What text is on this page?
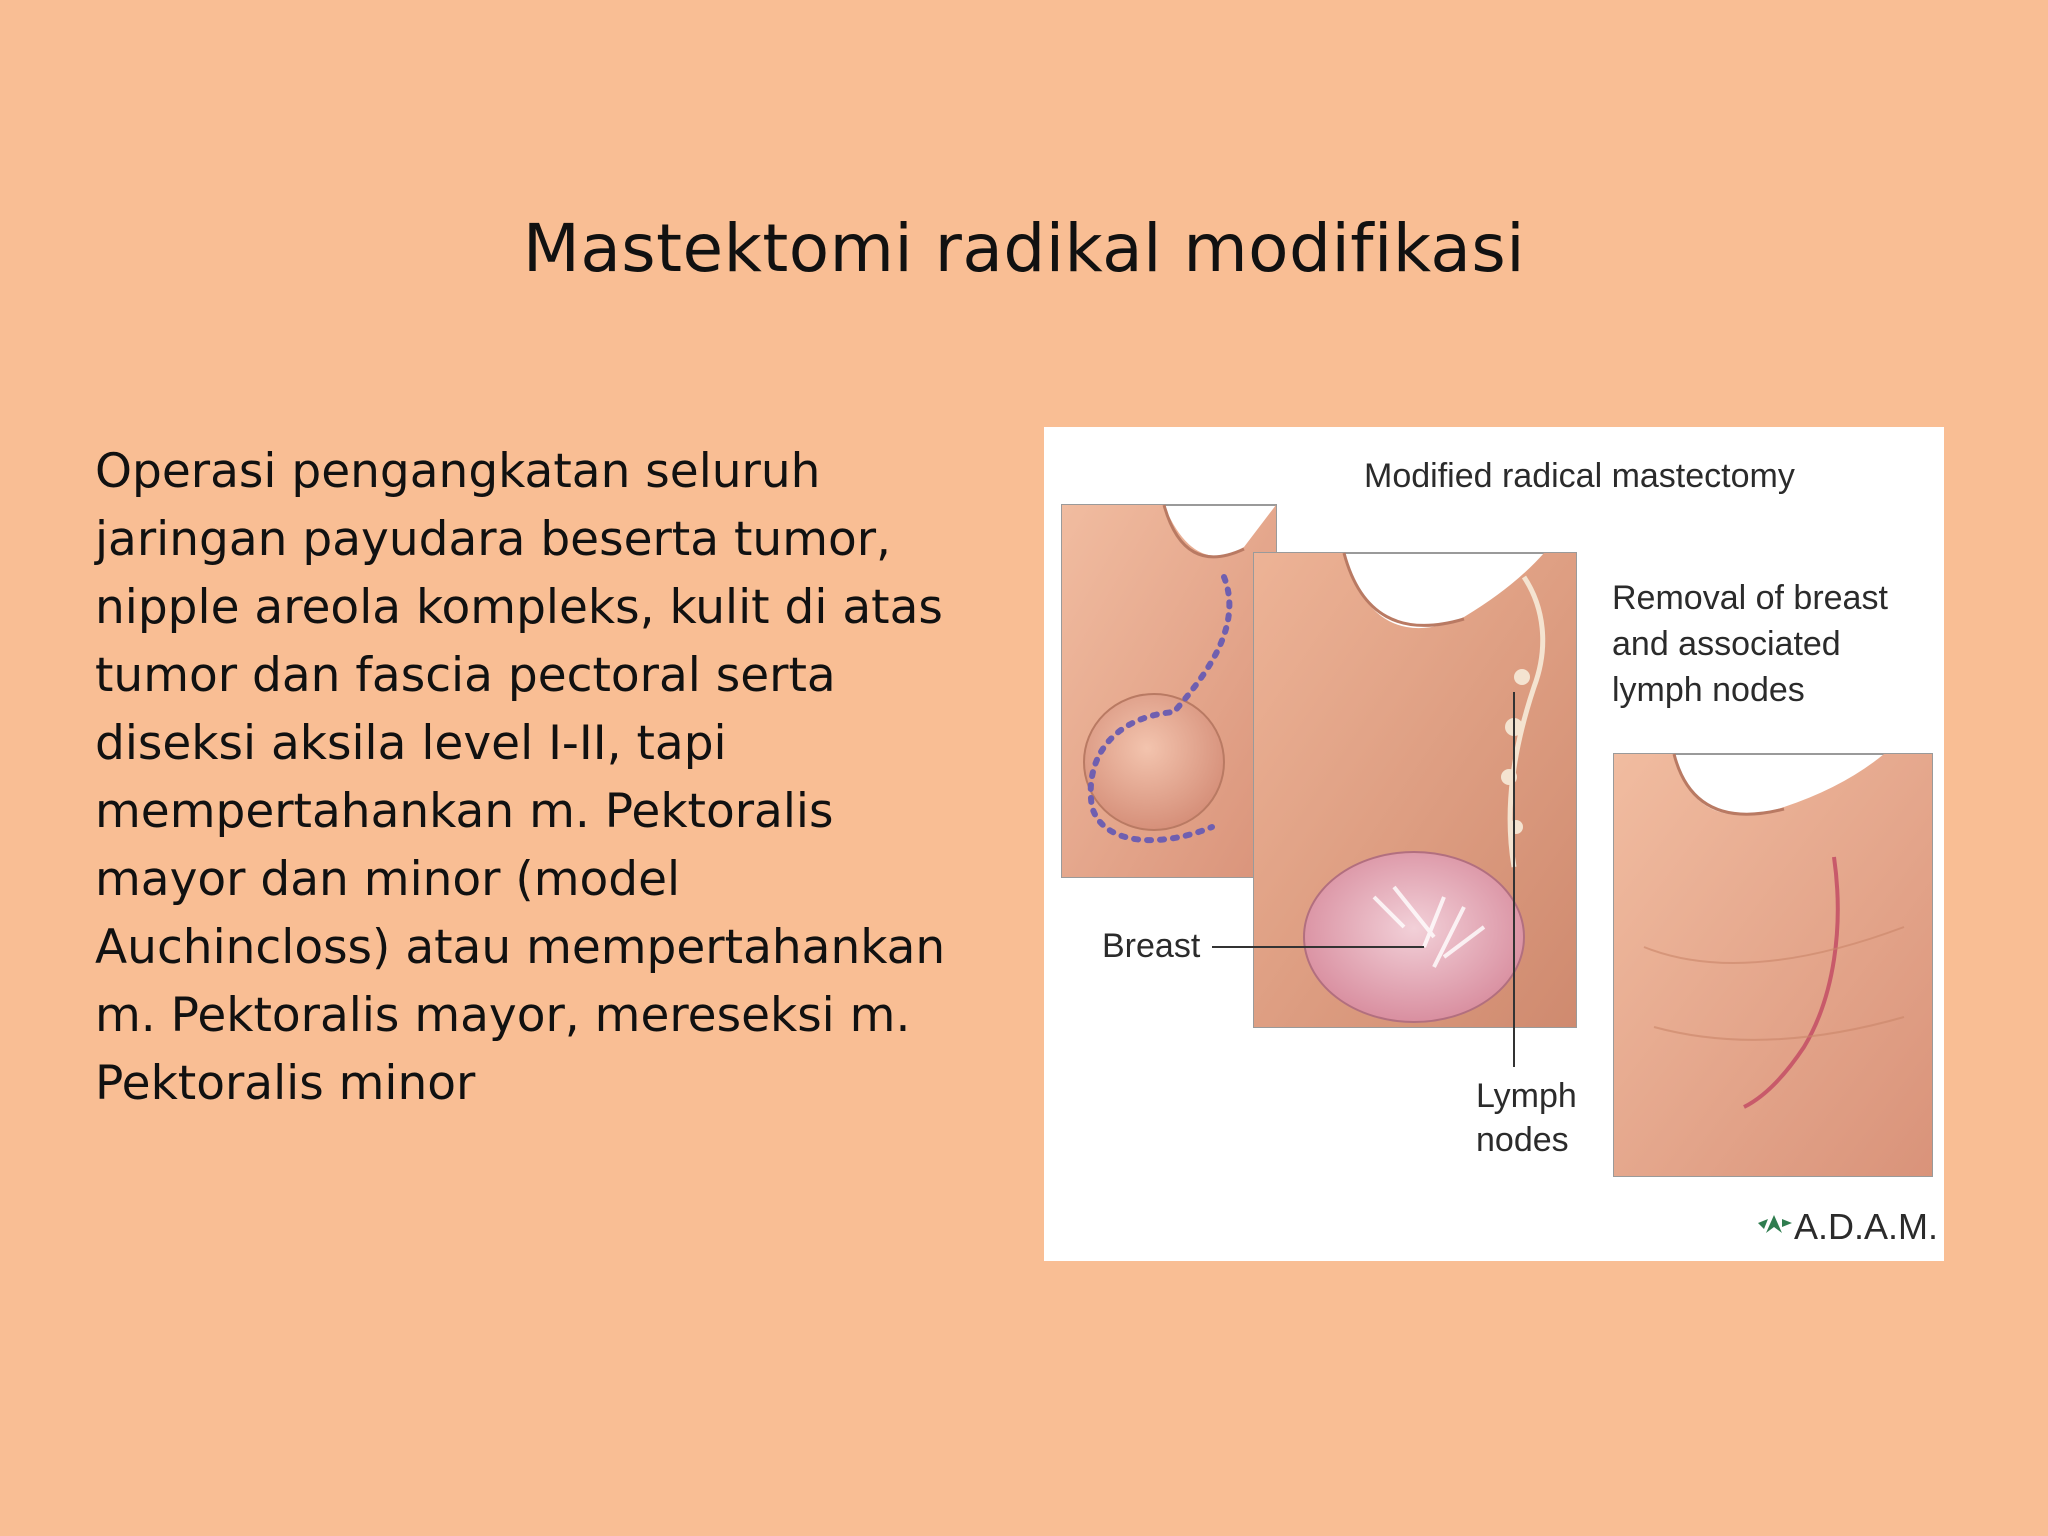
Mastektomi radikal modifikasi
Operasi pengangkatan seluruh jaringan payudara beserta tumor, nipple areola kompleks, kulit di atas tumor dan fascia pectoral serta diseksi aksila level I-II, tapi mempertahankan m. Pektoralis mayor dan minor (model Auchincloss) atau mempertahankan m. Pektoralis mayor, mereseksi m. Pektoralis minor
Modified radical mastectomy
Removal of breast
and associated
lymph nodes
Breast
Lymph
nodes
A.D.A.M.
